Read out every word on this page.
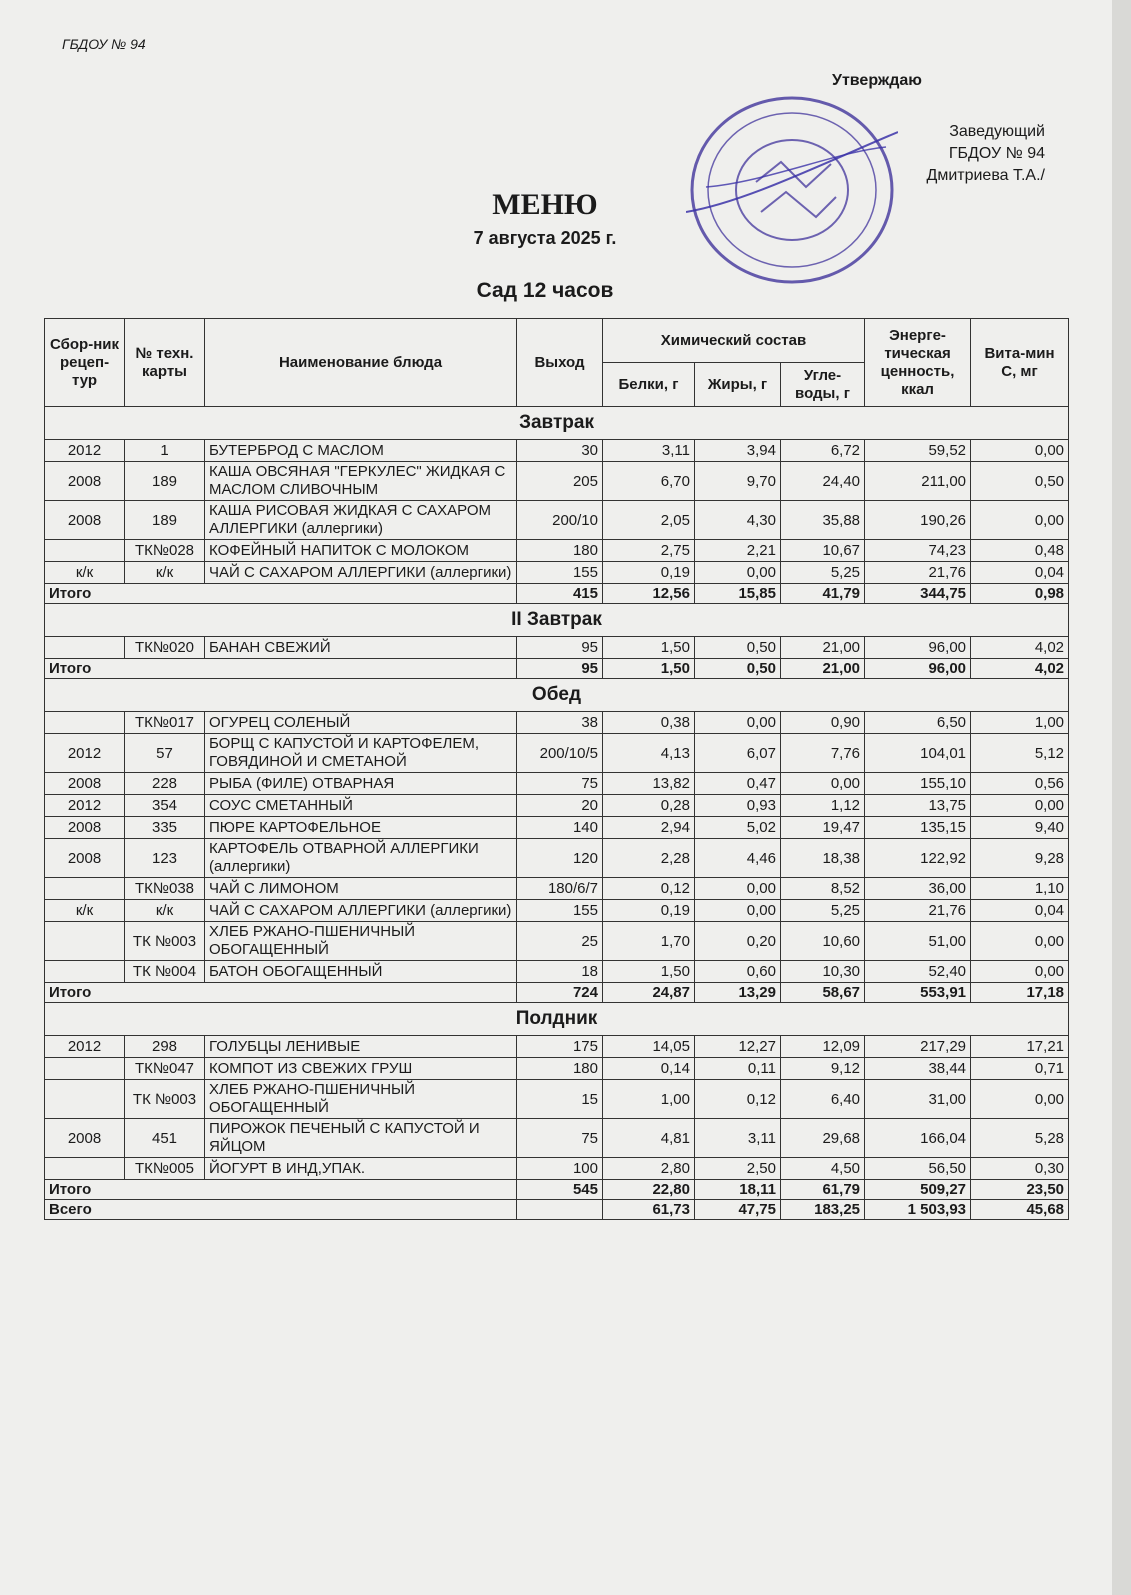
ГБДОУ № 94
Утверждаю
Заведующий
ГБДОУ № 94
Дмитриева Т.А./
МЕНЮ
7 августа 2025 г.
Сад 12 часов
Сбор-ник рецеп-тур	№ техн. карты	Наименование блюда	Выход	Химический состав			Энерге-тическая ценность, ккал	Вита-мин С, мг
				Белки, г	Жиры, г	Угле-воды, г		
Завтрак								
2012	1	БУТЕРБРОД С МАСЛОМ	30	3,11	3,94	6,72	59,52	0,00
2008	189	КАША ОВСЯНАЯ "ГЕРКУЛЕС" ЖИДКАЯ С МАСЛОМ СЛИВОЧНЫМ	205	6,70	9,70	24,40	211,00	0,50
2008	189	КАША РИСОВАЯ ЖИДКАЯ С САХАРОМ АЛЛЕРГИКИ (аллергики)	200/10	2,05	4,30	35,88	190,26	0,00
	ТК№028	КОФЕЙНЫЙ НАПИТОК С МОЛОКОМ	180	2,75	2,21	10,67	74,23	0,48
к/к	к/к	ЧАЙ С САХАРОМ АЛЛЕРГИКИ (аллергики)	155	0,19	0,00	5,25	21,76	0,04
Итого			415	12,56	15,85	41,79	344,75	0,98
II Завтрак								
	ТК№020	БАНАН СВЕЖИЙ	95	1,50	0,50	21,00	96,00	4,02
Итого			95	1,50	0,50	21,00	96,00	4,02
Обед								
	ТК№017	ОГУРЕЦ СОЛЕНЫЙ	38	0,38	0,00	0,90	6,50	1,00
2012	57	БОРЩ С КАПУСТОЙ И КАРТОФЕЛЕМ, ГОВЯДИНОЙ И СМЕТАНОЙ	200/10/5	4,13	6,07	7,76	104,01	5,12
2008	228	РЫБА (ФИЛЕ) ОТВАРНАЯ	75	13,82	0,47	0,00	155,10	0,56
2012	354	СОУС СМЕТАННЫЙ	20	0,28	0,93	1,12	13,75	0,00
2008	335	ПЮРЕ КАРТОФЕЛЬНОЕ	140	2,94	5,02	19,47	135,15	9,40
2008	123	КАРТОФЕЛЬ ОТВАРНОЙ АЛЛЕРГИКИ (аллергики)	120	2,28	4,46	18,38	122,92	9,28
	ТК№038	ЧАЙ С ЛИМОНОМ	180/6/7	0,12	0,00	8,52	36,00	1,10
к/к	к/к	ЧАЙ С САХАРОМ АЛЛЕРГИКИ (аллергики)	155	0,19	0,00	5,25	21,76	0,04
	ТК №003	ХЛЕБ РЖАНО-ПШЕНИЧНЫЙ ОБОГАЩЕННЫЙ	25	1,70	0,20	10,60	51,00	0,00
	ТК №004	БАТОН ОБОГАЩЕННЫЙ	18	1,50	0,60	10,30	52,40	0,00
Итого			724	24,87	13,29	58,67	553,91	17,18
Полдник								
2012	298	ГОЛУБЦЫ ЛЕНИВЫЕ	175	14,05	12,27	12,09	217,29	17,21
	ТК№047	КОМПОТ ИЗ СВЕЖИХ ГРУШ	180	0,14	0,11	9,12	38,44	0,71
	ТК №003	ХЛЕБ РЖАНО-ПШЕНИЧНЫЙ ОБОГАЩЕННЫЙ	15	1,00	0,12	6,40	31,00	0,00
2008	451	ПИРОЖОК ПЕЧЕНЫЙ С КАПУСТОЙ И ЯЙЦОМ	75	4,81	3,11	29,68	166,04	5,28
	ТК№005	ЙОГУРТ В ИНД,УПАК.	100	2,80	2,50	4,50	56,50	0,30
Итого			545	22,80	18,11	61,79	509,27	23,50
Всего				61,73	47,75	183,25	1 503,93	45,68
